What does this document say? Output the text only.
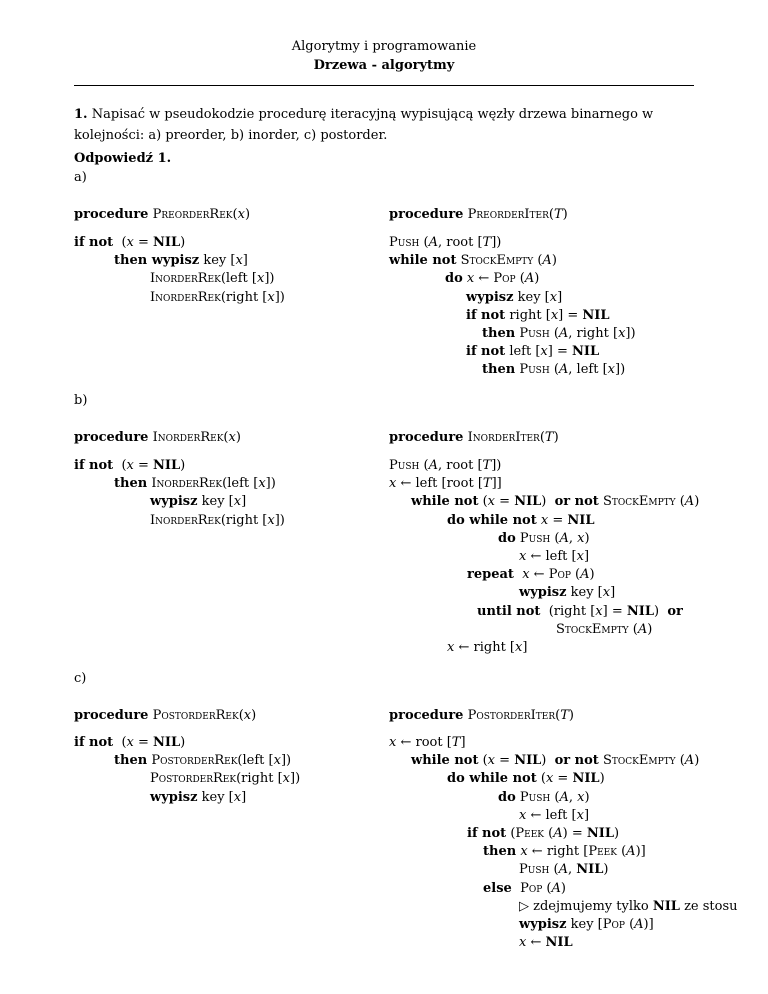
Algorytmy i programowanie
Drzewa - algorytmy
1. Napisać w pseudokodzie procedurę iteracyjną wypisującą węzły drzewa binarnego w kolejności: a) preorder, b) inorder, c) postorder.
Odpowiedź 1.
a)
procedure PreorderRek(x)

if not  (x = NIL)
then wypisz key [x]
InorderRek(left [x])
InorderRek(right [x])
procedure PreorderIter(T)
Push (A, root [T])
while not StockEmpty (A)
do x ← Pop (A)
wypisz key [x]
if not right [x] = NIL
then Push (A, right [x])
if not left [x] = NIL
then Push (A, left [x])
b)
procedure InorderRek(x)
if not  (x = NIL)
then InorderRek(left [x])
wypisz key [x]
InorderRek(right [x])
procedure InorderIter(T)
Push (A, root [T])
x ← left [root [T]]
while not (x = NIL)  or not StockEmpty (A)
do while not x = NIL
do Push (A, x)
x ← left [x]
repeat x ← Pop (A)
wypisz key [x]
until not  (right [x] = NIL)  or
StockEmpty (A)
x ← right [x]
c)
procedure PostorderRek(x)
if not  (x = NIL)
then PostorderRek(left [x])
PostorderRek(right [x])
wypisz key [x]
procedure PostorderIter(T)
x ← root [T]
while not (x = NIL)  or not StockEmpty (A)
do while not (x = NIL)
do Push (A, x)
x ← left [x]
if not (Peek (A) = NIL)
then x ← right [Peek (A)]
Push (A, NIL)
else Pop (A)
▷ zdejmujemy tylko NIL ze stosu
wypisz key [Pop (A)]
x ← NIL
